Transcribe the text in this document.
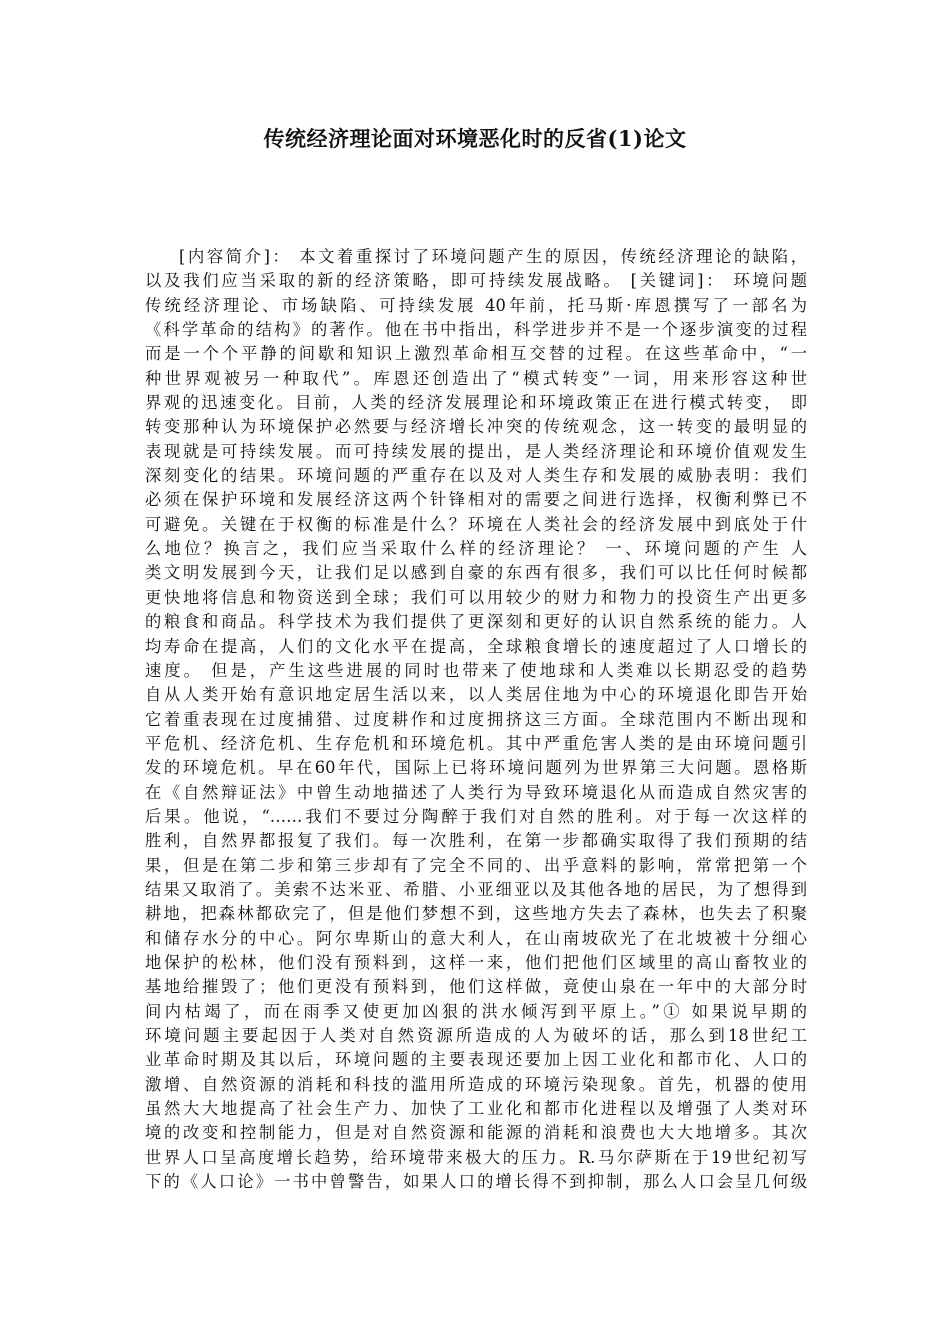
传统经济理论面对环境恶化时的反省(1)论文
[内容简介]： 本文着重探讨了环境问题产生的原因，传统经济理论的缺陷，
以及我们应当采取的新的经济策略，即可持续发展战略。 [关键词]： 环境问题
传统经济理论、市场缺陷、可持续发展 40年前，托马斯·库恩撰写了一部名为
《科学革命的结构》的著作。他在书中指出，科学进步并不是一个逐步演变的过程
而是一个个平静的间歇和知识上激烈革命相互交替的过程。在这些革命中，“一
种世界观被另一种取代”。库恩还创造出了“模式转变”一词，用来形容这种世
界观的迅速变化。目前，人类的经济发展理论和环境政策正在进行模式转变， 即
转变那种认为环境保护必然要与经济增长冲突的传统观念，这一转变的最明显的
表现就是可持续发展。而可持续发展的提出，是人类经济理论和环境价值观发生
深刻变化的结果。环境问题的严重存在以及对人类生存和发展的威胁表明：我们
必须在保护环境和发展经济这两个针锋相对的需要之间进行选择，权衡利弊已不
可避免。关键在于权衡的标准是什么？环境在人类社会的经济发展中到底处于什
么地位？换言之，我们应当采取什么样的经济理论？ 一、环境问题的产生 人
类文明发展到今天，让我们足以感到自豪的东西有很多，我们可以比任何时候都
更快地将信息和物资送到全球；我们可以用较少的财力和物力的投资生产出更多
的粮食和商品。科学技术为我们提供了更深刻和更好的认识自然系统的能力。人
均寿命在提高，人们的文化水平在提高，全球粮食增长的速度超过了人口增长的
速度。 但是，产生这些进展的同时也带来了使地球和人类难以长期忍受的趋势
自从人类开始有意识地定居生活以来，以人类居住地为中心的环境退化即告开始
它着重表现在过度捕猎、过度耕作和过度拥挤这三方面。全球范围内不断出现和
平危机、经济危机、生存危机和环境危机。其中严重危害人类的是由环境问题引
发的环境危机。早在60年代，国际上已将环境问题列为世界第三大问题。恩格斯
在《自然辩证法》中曾生动地描述了人类行为导致环境退化从而造成自然灾害的
后果。他说，“……我们不要过分陶醉于我们对自然的胜利。对于每一次这样的
胜利，自然界都报复了我们。每一次胜利，在第一步都确实取得了我们预期的结
果，但是在第二步和第三步却有了完全不同的、出乎意料的影响，常常把第一个
结果又取消了。美索不达米亚、希腊、小亚细亚以及其他各地的居民，为了想得到
耕地，把森林都砍完了，但是他们梦想不到，这些地方失去了森林，也失去了积聚
和储存水分的中心。阿尔卑斯山的意大利人，在山南坡砍光了在北坡被十分细心
地保护的松林，他们没有预料到，这样一来，他们把他们区域里的高山畜牧业的
基地给摧毁了；他们更没有预料到，他们这样做，竟使山泉在一年中的大部分时
间内枯竭了，而在雨季又使更加凶狠的洪水倾泻到平原上。”① 如果说早期的
环境问题主要起因于人类对自然资源所造成的人为破坏的话，那么到18世纪工
业革命时期及其以后，环境问题的主要表现还要加上因工业化和都市化、人口的
激增、自然资源的消耗和科技的滥用所造成的环境污染现象。首先，机器的使用
虽然大大地提高了社会生产力、加快了工业化和都市化进程以及增强了人类对环
境的改变和控制能力，但是对自然资源和能源的消耗和浪费也大大地增多。其次
世界人口呈高度增长趋势，给环境带来极大的压力。R.马尔萨斯在于19世纪初写
下的《人口论》一书中曾警告，如果人口的增长得不到抑制，那么人口会呈几何级
